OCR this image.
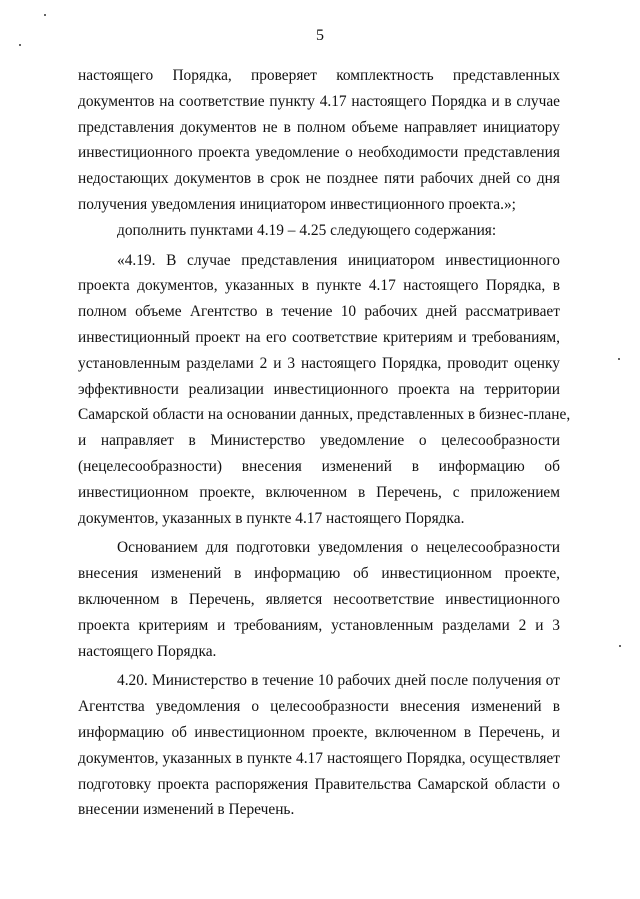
5
настоящего Порядка, проверяет комплектность представленных
документов на соответствие пункту 4.17 настоящего Порядка и в случае
представления документов не в полном объеме направляет инициатору
инвестиционного проекта уведомление о необходимости представления
недостающих документов в срок не позднее пяти рабочих дней со дня
получения уведомления инициатором инвестиционного проекта.»;
дополнить пунктами 4.19 – 4.25 следующего содержания:
«4.19. В случае представления инициатором инвестиционного
проекта документов, указанных в пункте 4.17 настоящего Порядка, в
полном объеме Агентство в течение 10 рабочих дней рассматривает
инвестиционный проект на его соответствие критериям и требованиям,
установленным разделами 2 и 3 настоящего Порядка, проводит оценку
эффективности реализации инвестиционного проекта на территории
Самарской области на основании данных, представленных в бизнес-плане,
и направляет в Министерство уведомление о целесообразности
(нецелесообразности) внесения изменений в информацию об
инвестиционном проекте, включенном в Перечень, с приложением
документов, указанных в пункте 4.17 настоящего Порядка.
Основанием для подготовки уведомления о нецелесообразности
внесения изменений в информацию об инвестиционном проекте,
включенном в Перечень, является несоответствие инвестиционного
проекта критериям и требованиям, установленным разделами 2 и 3
настоящего Порядка.
4.20. Министерство в течение 10 рабочих дней после получения от
Агентства уведомления о целесообразности внесения изменений в
информацию об инвестиционном проекте, включенном в Перечень, и
документов, указанных в пункте 4.17 настоящего Порядка, осуществляет
подготовку проекта распоряжения Правительства Самарской области о
внесении изменений в Перечень.
